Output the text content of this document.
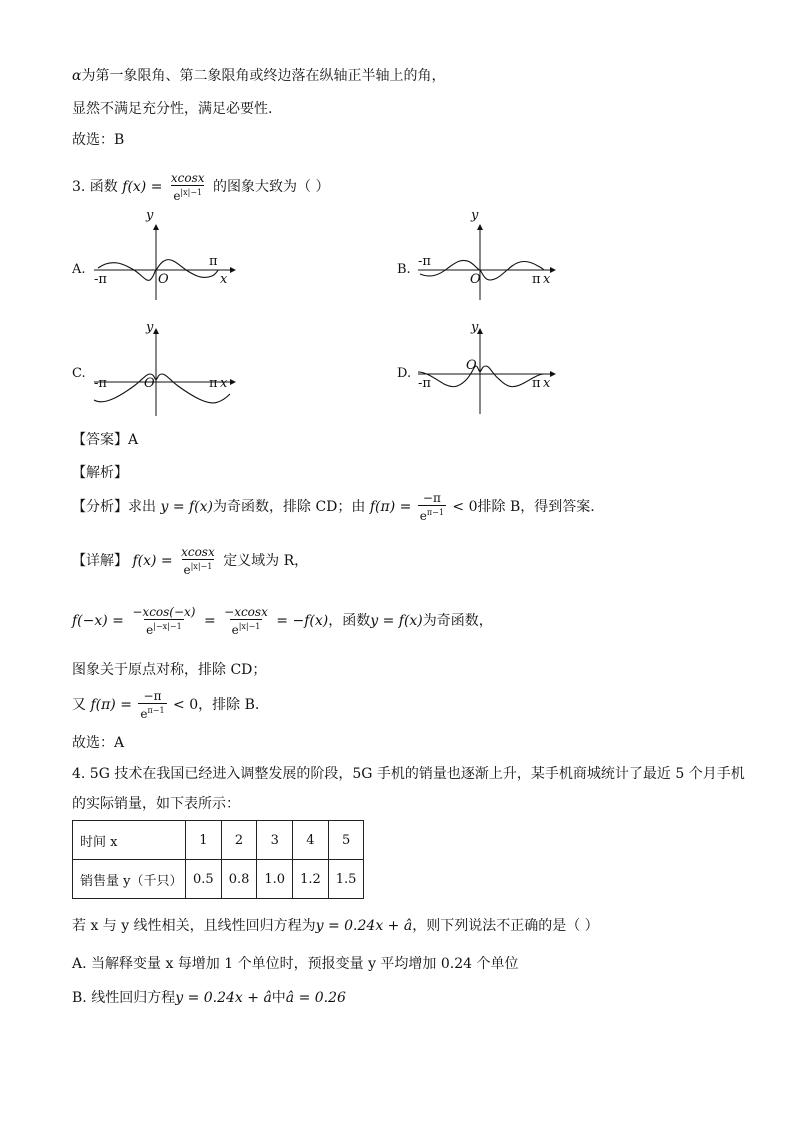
α为第一象限角、第二象限角或终边落在纵轴正半轴上的角，
显然不满足充分性，满足必要性.
故选：B
3. 函数 $f(x) = \frac{xcosx}{e^{|x|-1}}$ 的图象大致为（ ）
A.
y
-π	O
π
x
B.
y
-π
O	π x
C.
y
-π	O	π x
D.
y
-π
O
π x
【答案】A
【解析】
【分析】求出 y = f(x)为奇函数，排除 CD；由 $f(\pi) = \frac{-\pi}{e^{\pi-1}} < 0$排除 B，得到答案.
【详解】 $f(x) = \frac{xcosx}{e^{|x|-1}}$ 定义域为 R，
$f(-x) = \frac{-xcos(-x)}{e^{|-x|-1}} = \frac{-xcosx}{e^{|x|-1}} = -f(x)$，函数y = f(x)为奇函数，
图象关于原点对称，排除 CD；
又 $f(\pi) = \frac{-\pi}{e^{\pi-1}} < 0$，排除 B.
故选：A
4. 5G 技术在我国已经进入调整发展的阶段，5G 手机的销量也逐渐上升，某手机商城统计了最近 5 个月手机
的实际销量，如下表所示：
时间 x	1	2	3	4	5
销售量 y（千只）	0.5	0.8	1.0	1.2	1.5
若 x 与 y 线性相关，且线性回归方程为y = 0.24x + â，则下列说法不正确的是（ ）
A. 当解释变量 x 每增加 1 个单位时，预报变量 y 平均增加 0.24 个单位
B. 线性回归方程y = 0.24x + â中â = 0.26
